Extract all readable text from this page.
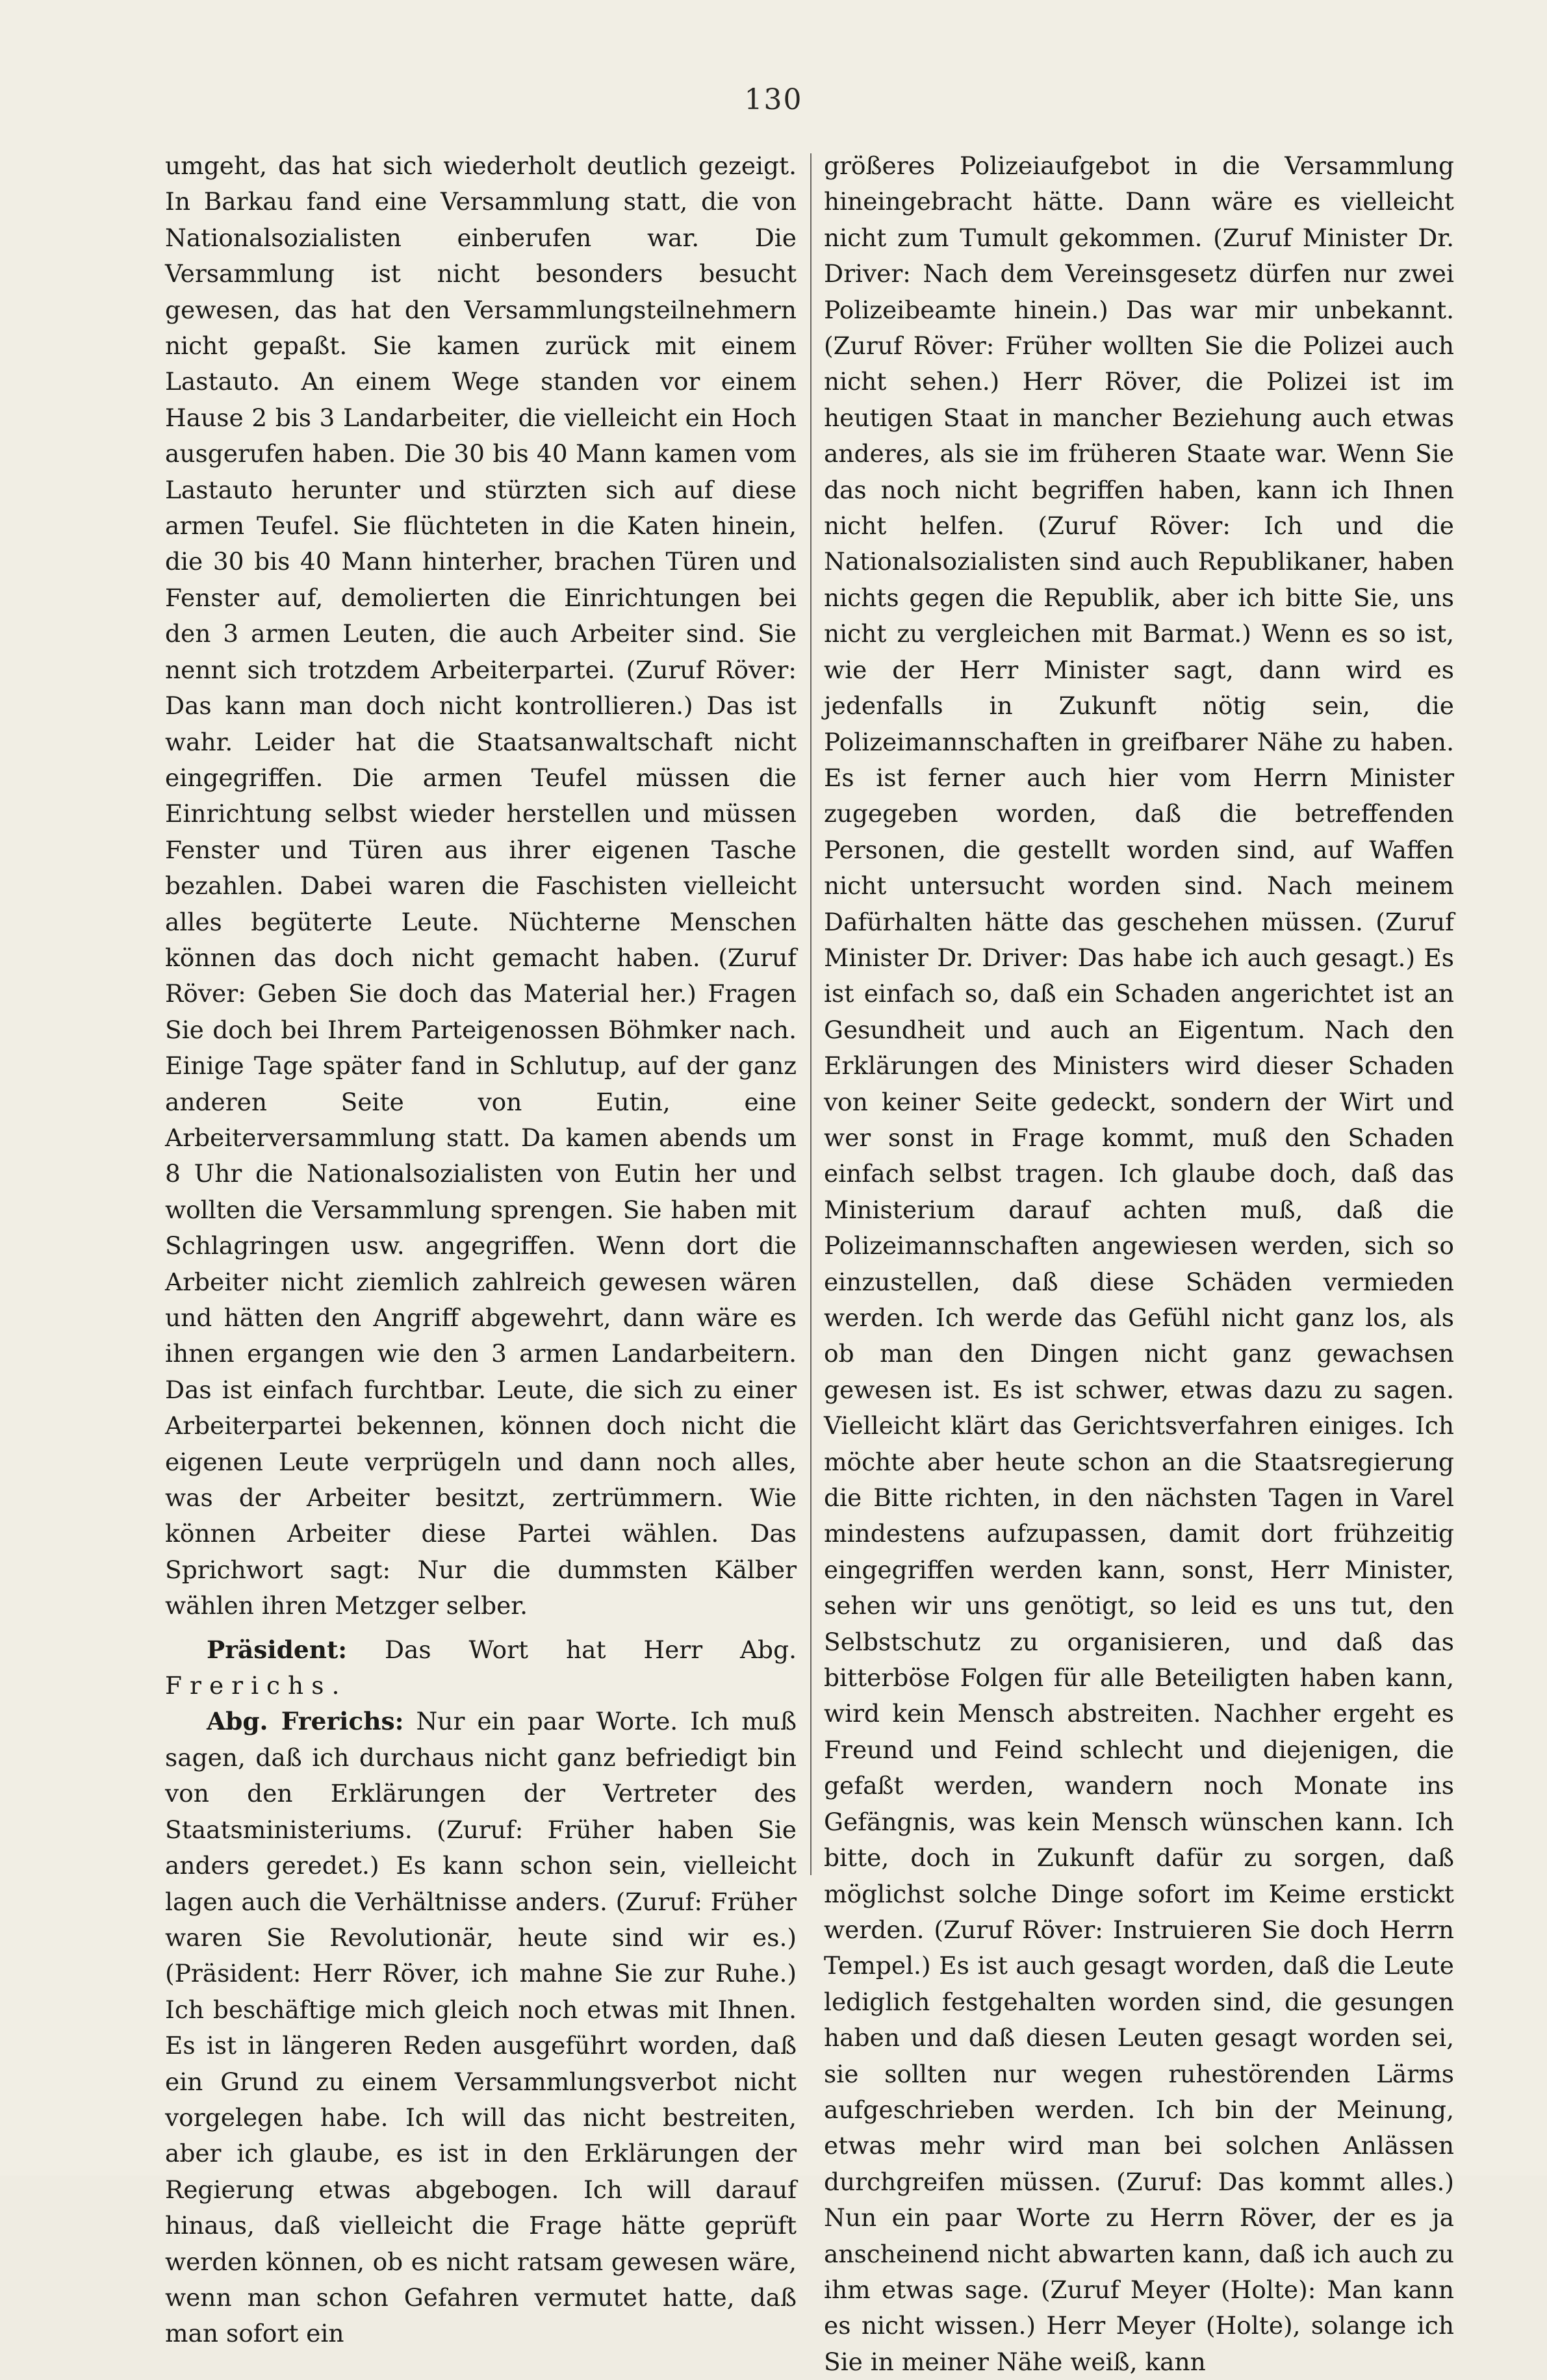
130

umgeht, das hat sich wiederholt deutlich gezeigt. In Barkau fand eine Versammlung statt, die von Nationalsozialisten einberufen war. Die Versammlung ist nicht besonders besucht gewesen, das hat den Versammlungsteilnehmern nicht gepaßt. Sie kamen zurück mit einem Lastauto. An einem Wege standen vor einem Hause 2 bis 3 Landarbeiter, die vielleicht ein Hoch ausgerufen haben. Die 30 bis 40 Mann kamen vom Lastauto herunter und stürzten sich auf diese armen Teufel. Sie flüchteten in die Katen hinein, die 30 bis 40 Mann hinterher, brachen Türen und Fenster auf, demolierten die Einrichtungen bei den 3 armen Leuten, die auch Arbeiter sind. Sie nennt sich trotzdem Arbeiterpartei. (Zuruf Röver: Das kann man doch nicht kontrollieren.) Das ist wahr. Leider hat die Staatsanwaltschaft nicht eingegriffen. Die armen Teufel müssen die Einrichtung selbst wieder herstellen und müssen Fenster und Türen aus ihrer eigenen Tasche bezahlen. Dabei waren die Faschisten vielleicht alles begüterte Leute. Nüchterne Menschen können das doch nicht gemacht haben. (Zuruf Röver: Geben Sie doch das Material her.) Fragen Sie doch bei Ihrem Parteigenossen Böhmker nach. Einige Tage später fand in Schlutup, auf der ganz anderen Seite von Eutin, eine Arbeiterversammlung statt. Da kamen abends um 8 Uhr die Nationalsozialisten von Eutin her und wollten die Versammlung sprengen. Sie haben mit Schlagringen usw. angegriffen. Wenn dort die Arbeiter nicht ziemlich zahlreich gewesen wären und hätten den Angriff abgewehrt, dann wäre es ihnen ergangen wie den 3 armen Landarbeitern. Das ist einfach furchtbar. Leute, die sich zu einer Arbeiterpartei bekennen, können doch nicht die eigenen Leute verprügeln und dann noch alles, was der Arbeiter besitzt, zertrümmern. Wie können Arbeiter diese Partei wählen. Das Sprichwort sagt: Nur die dummsten Kälber wählen ihren Metzger selber.

Präsident: Das Wort hat Herr Abg. Frerichs.

Abg. Frerichs: Nur ein paar Worte. Ich muß sagen, daß ich durchaus nicht ganz befriedigt bin von den Erklärungen der Vertreter des Staatsministeriums. (Zuruf: Früher haben Sie anders geredet.) Es kann schon sein, vielleicht lagen auch die Verhältnisse anders. (Zuruf: Früher waren Sie Revolutionär, heute sind wir es.) (Präsident: Herr Röver, ich mahne Sie zur Ruhe.) Ich beschäftige mich gleich noch etwas mit Ihnen. Es ist in längeren Reden ausgeführt worden, daß ein Grund zu einem Versammlungsverbot nicht vorgelegen habe. Ich will das nicht bestreiten, aber ich glaube, es ist in den Erklärungen der Regierung etwas abgebogen. Ich will darauf hinaus, daß vielleicht die Frage hätte geprüft werden können, ob es nicht ratsam gewesen wäre, wenn man schon Gefahren vermutet hatte, daß man sofort ein

größeres Polizeiaufgebot in die Versammlung hineingebracht hätte. Dann wäre es vielleicht nicht zum Tumult gekommen. (Zuruf Minister Dr. Driver: Nach dem Vereinsgesetz dürfen nur zwei Polizeibeamte hinein.) Das war mir unbekannt. (Zuruf Röver: Früher wollten Sie die Polizei auch nicht sehen.) Herr Röver, die Polizei ist im heutigen Staat in mancher Beziehung auch etwas anderes, als sie im früheren Staate war. Wenn Sie das noch nicht begriffen haben, kann ich Ihnen nicht helfen. (Zuruf Röver: Ich und die Nationalsozialisten sind auch Republikaner, haben nichts gegen die Republik, aber ich bitte Sie, uns nicht zu vergleichen mit Barmat.) Wenn es so ist, wie der Herr Minister sagt, dann wird es jedenfalls in Zukunft nötig sein, die Polizeimannschaften in greifbarer Nähe zu haben. Es ist ferner auch hier vom Herrn Minister zugegeben worden, daß die betreffenden Personen, die gestellt worden sind, auf Waffen nicht untersucht worden sind. Nach meinem Dafürhalten hätte das geschehen müssen. (Zuruf Minister Dr. Driver: Das habe ich auch gesagt.) Es ist einfach so, daß ein Schaden angerichtet ist an Gesundheit und auch an Eigentum. Nach den Erklärungen des Ministers wird dieser Schaden von keiner Seite gedeckt, sondern der Wirt und wer sonst in Frage kommt, muß den Schaden einfach selbst tragen. Ich glaube doch, daß das Ministerium darauf achten muß, daß die Polizeimannschaften angewiesen werden, sich so einzustellen, daß diese Schäden vermieden werden. Ich werde das Gefühl nicht ganz los, als ob man den Dingen nicht ganz gewachsen gewesen ist. Es ist schwer, etwas dazu zu sagen. Vielleicht klärt das Gerichtsverfahren einiges. Ich möchte aber heute schon an die Staatsregierung die Bitte richten, in den nächsten Tagen in Varel mindestens aufzupassen, damit dort frühzeitig eingegriffen werden kann, sonst, Herr Minister, sehen wir uns genötigt, so leid es uns tut, den Selbstschutz zu organisieren, und daß das bitterböse Folgen für alle Beteiligten haben kann, wird kein Mensch abstreiten. Nachher ergeht es Freund und Feind schlecht und diejenigen, die gefaßt werden, wandern noch Monate ins Gefängnis, was kein Mensch wünschen kann. Ich bitte, doch in Zukunft dafür zu sorgen, daß möglichst solche Dinge sofort im Keime erstickt werden. (Zuruf Röver: Instruieren Sie doch Herrn Tempel.) Es ist auch gesagt worden, daß die Leute lediglich festgehalten worden sind, die gesungen haben und daß diesen Leuten gesagt worden sei, sie sollten nur wegen ruhestörenden Lärms aufgeschrieben werden. Ich bin der Meinung, etwas mehr wird man bei solchen Anlässen durchgreifen müssen. (Zuruf: Das kommt alles.) Nun ein paar Worte zu Herrn Röver, der es ja anscheinend nicht abwarten kann, daß ich auch zu ihm etwas sage. (Zuruf Meyer (Holte): Man kann es nicht wissen.) Herr Meyer (Holte), solange ich Sie in meiner Nähe weiß, kann
